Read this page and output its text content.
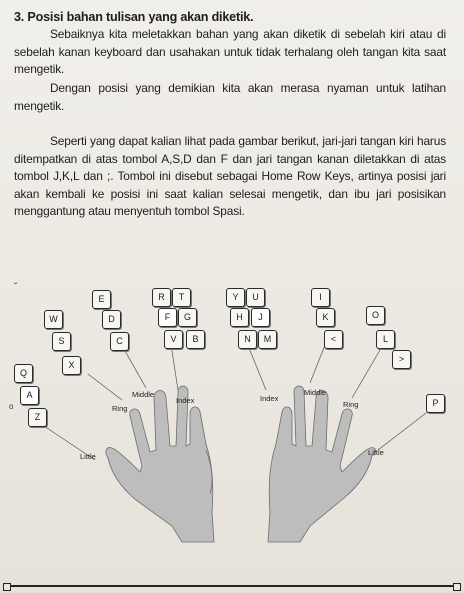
3. Posisi bahan tulisan yang akan diketik.
Sebaiknya kita meletakkan bahan yang akan diketik di sebelah kiri atau di sebelah kanan keyboard dan usahakan untuk tidak terhalang oleh tangan kita saat mengetik.
Dengan posisi yang demikian kita akan merasa nyaman untuk latihan mengetik.
Seperti yang dapat kalian lihat pada gambar berikut, jari-jari tangan kiri harus ditempatkan di atas tombol A,S,D dan F dan jari tangan kanan diletakkan di atas tombol J,K,L dan ;. Tombol ini disebut sebagai Home Row Keys, artinya posisi jari akan kembali ke posisi ini saat kalian selesai mengetik, dan ibu jari posisikan menggantung atau menyentuh tombol Spasi.
E	R	T	Y	U	I
W	D	F	G	H	J	K	O
S	C	V	B	N	M	<	L
X
>
Q
A
Z
P
Little
Ring
Middle
Index	Index
Middle
Ring
Little
ˇ
o
